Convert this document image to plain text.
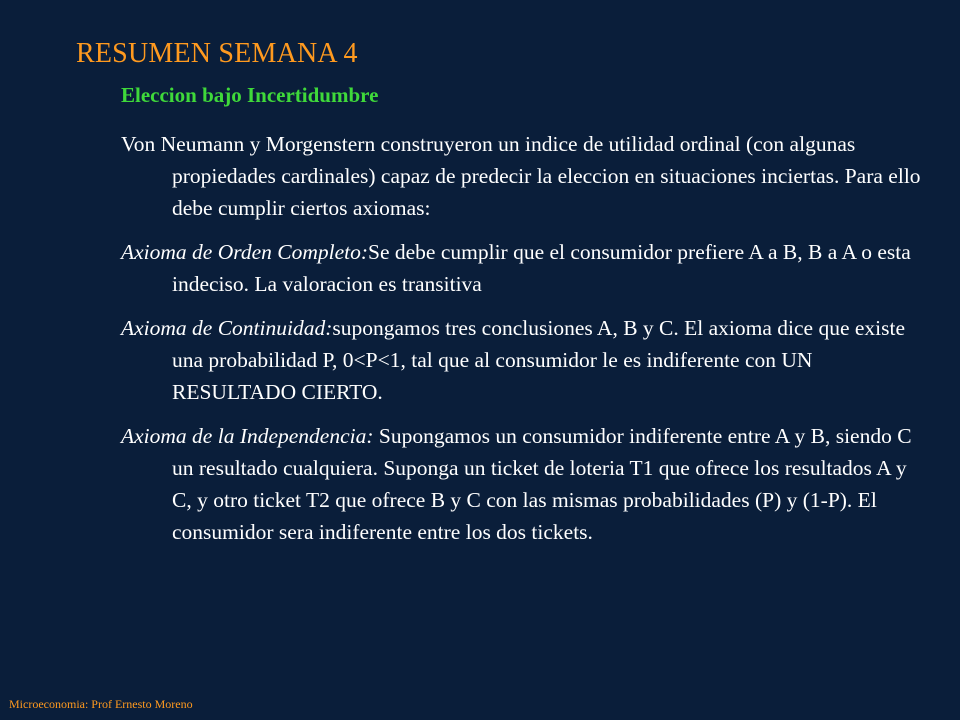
RESUMEN SEMANA 4
Eleccion bajo Incertidumbre

Von Neumann y Morgenstern construyeron un indice de utilidad ordinal (con algunas propiedades cardinales) capaz de predecir la eleccion en situaciones inciertas. Para ello debe cumplir ciertos axiomas:

Axioma de Orden Completo:Se debe cumplir que el consumidor prefiere A a B, B a A o esta indeciso. La valoracion es transitiva

Axioma de Continuidad:supongamos tres conclusiones A, B y C. El axioma dice que existe una probabilidad P, 0<P<1, tal que al consumidor le es indiferente con UN RESULTADO CIERTO.

Axioma de la Independencia: Supongamos un consumidor indiferente entre A y B, siendo C un resultado cualquiera. Suponga un ticket de loteria T1 que ofrece los resultados A y C, y otro ticket T2 que ofrece B y C con las mismas probabilidades (P) y (1-P). El consumidor sera indiferente entre los dos tickets.

Microeconomia: Prof Ernesto Moreno
